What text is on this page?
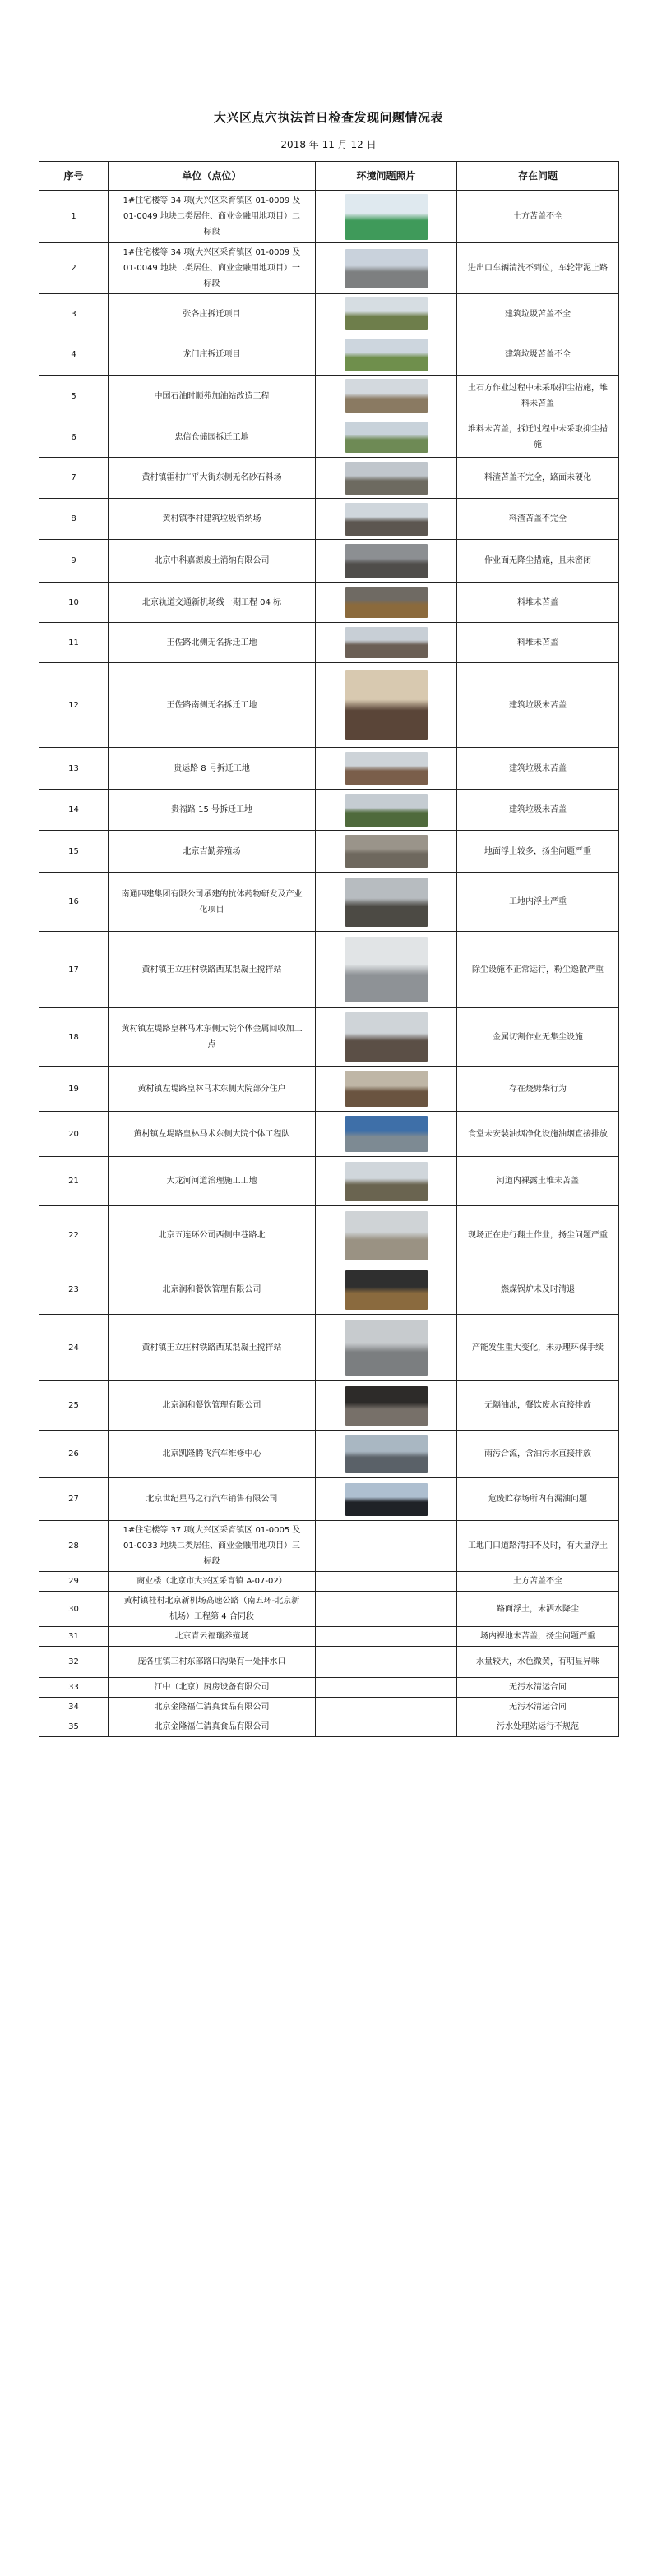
大兴区点穴执法首日检查发现问题情况表
2018 年 11 月 12 日
序号	单位（点位）	环境问题照片	存在问题
1	1#住宅楼等 34 项(大兴区采育镇区 01-0009 及 01-0049 地块二类居住、商业金融用地项目）二标段		土方苫盖不全
2	1#住宅楼等 34 项(大兴区采育镇区 01-0009 及 01-0049 地块二类居住、商业金融用地项目）一标段		进出口车辆清洗不到位，车轮带泥上路
3	张各庄拆迁项目		建筑垃圾苫盖不全
4	龙门庄拆迁项目		建筑垃圾苫盖不全
5	中国石油时顺苑加油站改造工程		土石方作业过程中未采取抑尘措施，堆料未苫盖
6	忠信仓储园拆迁工地		堆料未苫盖，拆迁过程中未采取抑尘措施
7	黄村镇霍村广平大街东侧无名砂石料场		料渣苫盖不完全，路面未硬化
8	黄村镇季村建筑垃圾消纳场		料渣苫盖不完全
9	北京中科嘉源废土消纳有限公司		作业面无降尘措施，且未密闭
10	北京轨道交通新机场线一期工程 04 标		料堆未苫盖
11	王佐路北侧无名拆迁工地		料堆未苫盖
12	王佐路南侧无名拆迁工地		建筑垃圾未苫盖
13	贵运路 8 号拆迁工地		建筑垃圾未苫盖
14	贵福路 15 号拆迁工地		建筑垃圾未苫盖
15	北京吉勤养殖场		地面浮土较多，扬尘问题严重
16	南通四建集团有限公司承建的抗体药物研发及产业化项目		工地内浮土严重
17	黄村镇王立庄村铁路西某混凝土搅拌站		除尘设施不正常运行，粉尘逸散严重
18	黄村镇左堤路皇林马术东侧大院个体金属回收加工点		金属切割作业无集尘设施
19	黄村镇左堤路皇林马术东侧大院部分住户		存在烧劈柴行为
20	黄村镇左堤路皇林马术东侧大院个体工程队		食堂未安装油烟净化设施油烟直接排放
21	大龙河河道治理施工工地		河道内裸露土堆未苫盖
22	北京五连环公司西侧中巷路北		现场正在进行翻土作业，扬尘问题严重
23	北京润和餐饮管理有限公司		燃煤锅炉未及时清退
24	黄村镇王立庄村铁路西某混凝土搅拌站		产能发生重大变化，未办理环保手续
25	北京润和餐饮管理有限公司		无隔油池，餐饮废水直接排放
26	北京凯隆腾飞汽车维修中心		雨污合流，含油污水直接排放
27	北京世纪星马之行汽车销售有限公司		危废贮存场所内有漏油问题
28	1#住宅楼等 37 项(大兴区采育镇区 01-0005 及 01-0033 地块二类居住、商业金融用地项目）三标段		工地门口道路清扫不及时，有大量浮土
29	商业楼（北京市大兴区采育镇 A-07-02）		土方苫盖不全
30	黄村镇桂村北京新机场高速公路（南五环-北京新机场）工程第 4 合同段		路面浮土，未洒水降尘
31	北京青云福瑞养殖场		场内裸地未苫盖，扬尘问题严重
32	庞各庄镇三村东部路口沟渠有一处排水口		水量较大，水色微黄，有明显异味
33	江中（北京）厨房设备有限公司		无污水清运合同
34	北京金隆福仁清真食品有限公司		无污水清运合同
35	北京金隆福仁清真食品有限公司		污水处理站运行不规范
